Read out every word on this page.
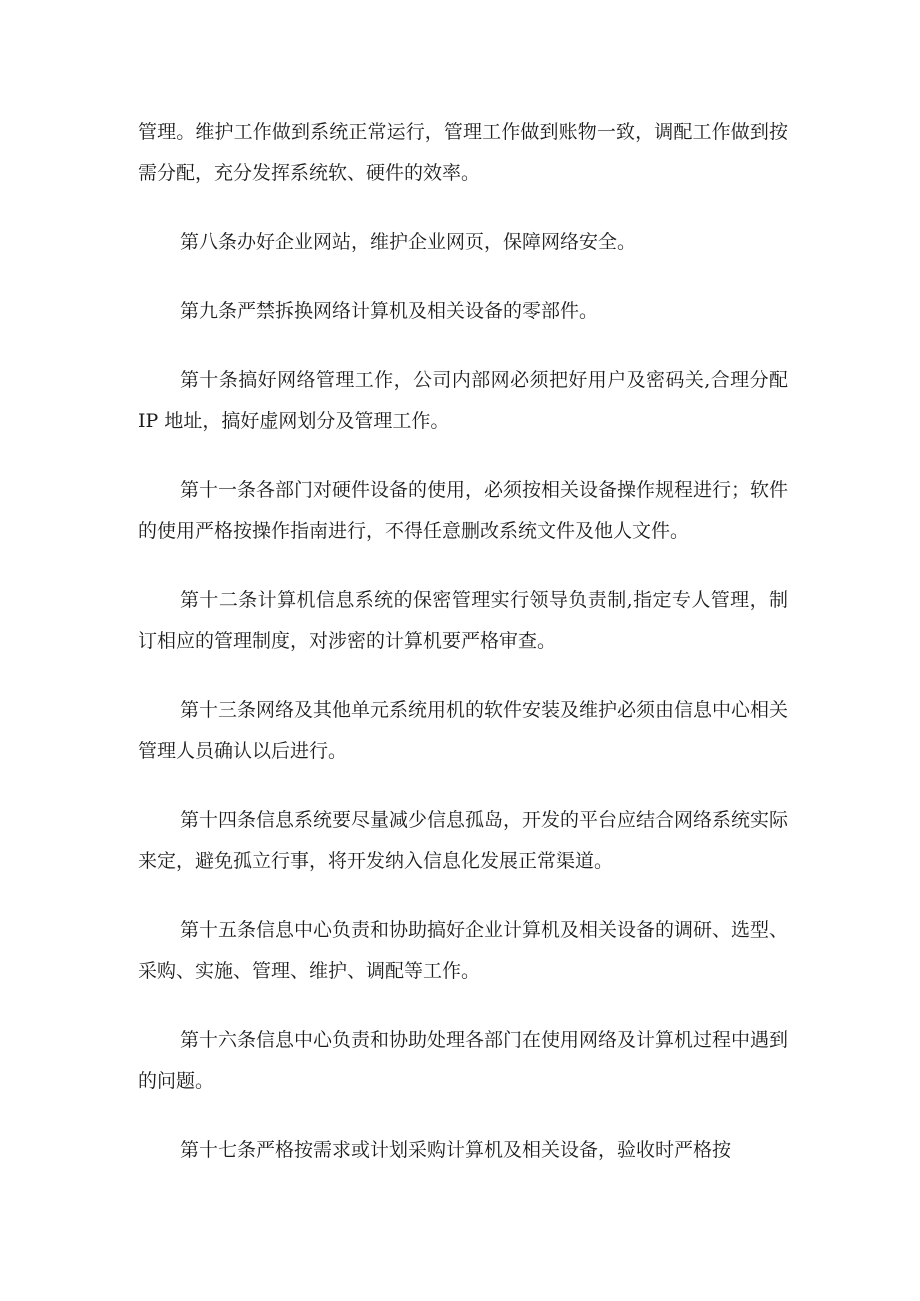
管理。维护工作做到系统正常运行，管理工作做到账物一致，调配工作做到按需分配，充分发挥系统软、硬件的效率。

第八条办好企业网站，维护企业网页，保障网络安全。

第九条严禁拆换网络计算机及相关设备的零部件。

第十条搞好网络管理工作，公司内部网必须把好用户及密码关,合理分配 IP 地址，搞好虚网划分及管理工作。

第十一条各部门对硬件设备的使用，必须按相关设备操作规程进行；软件的使用严格按操作指南进行，不得任意删改系统文件及他人文件。

第十二条计算机信息系统的保密管理实行领导负责制,指定专人管理，制订相应的管理制度，对涉密的计算机要严格审查。

第十三条网络及其他单元系统用机的软件安装及维护必须由信息中心相关管理人员确认以后进行。

第十四条信息系统要尽量减少信息孤岛，开发的平台应结合网络系统实际来定，避免孤立行事，将开发纳入信息化发展正常渠道。

第十五条信息中心负责和协助搞好企业计算机及相关设备的调研、选型、采购、实施、管理、维护、调配等工作。

第十六条信息中心负责和协助处理各部门在使用网络及计算机过程中遇到的问题。

第十七条严格按需求或计划采购计算机及相关设备，验收时严格按
